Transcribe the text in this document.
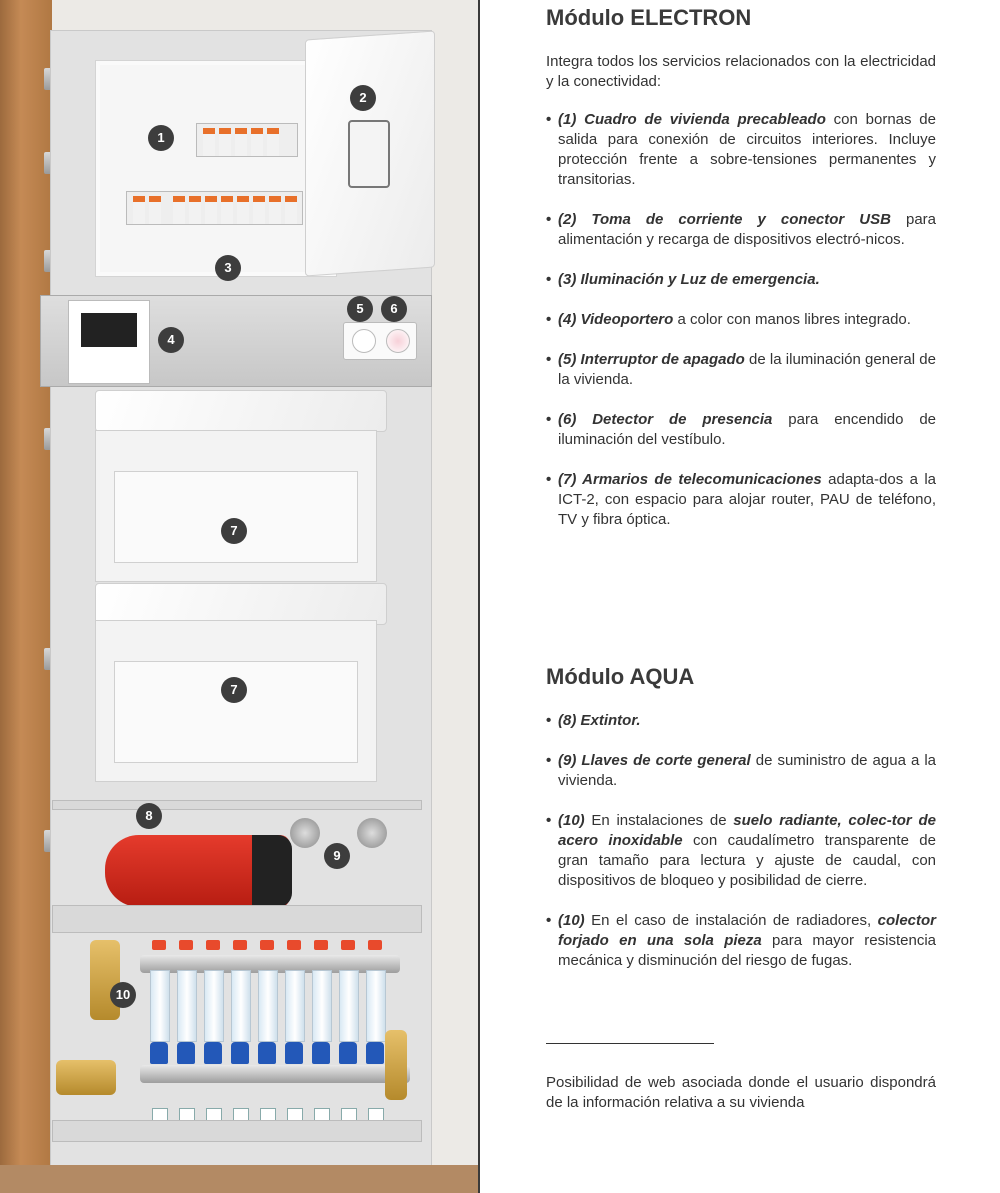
1
2
3
4
5	6
7
7
8
9
10
Módulo ELECTRON
Integra todos los servicios relacionados con la electricidad y la conectividad:
• (1) Cuadro de vivienda precableado con bornas de salida para conexión de circuitos interiores. Incluye protección frente a sobre-tensiones permanentes y transitorias.
• (2) Toma de corriente y conector USB para alimentación y recarga de dispositivos electró-nicos.
• (3) Iluminación y Luz de emergencia.
• (4) Videoportero a color con manos libres integrado.
• (5) Interruptor de apagado de la iluminación general de la vivienda.
• (6) Detector de presencia para encendido de iluminación del vestíbulo.
• (7) Armarios de telecomunicaciones adapta-dos a la ICT-2, con espacio para alojar router, PAU de teléfono, TV y fibra óptica.
Módulo AQUA
• (8) Extintor.
• (9) Llaves de corte general de suministro de agua a la vivienda.
• (10) En instalaciones de suelo radiante, colec-tor de acero inoxidable con caudalímetro transparente de gran tamaño para lectura y ajuste de caudal, con dispositivos de bloqueo y posibilidad de cierre.
• (10) En el caso de instalación de radiadores, colector forjado en una sola pieza para mayor resistencia mecánica y disminución del riesgo de fugas.
Posibilidad de web asociada donde el usuario dispondrá de la información relativa a su vivienda
